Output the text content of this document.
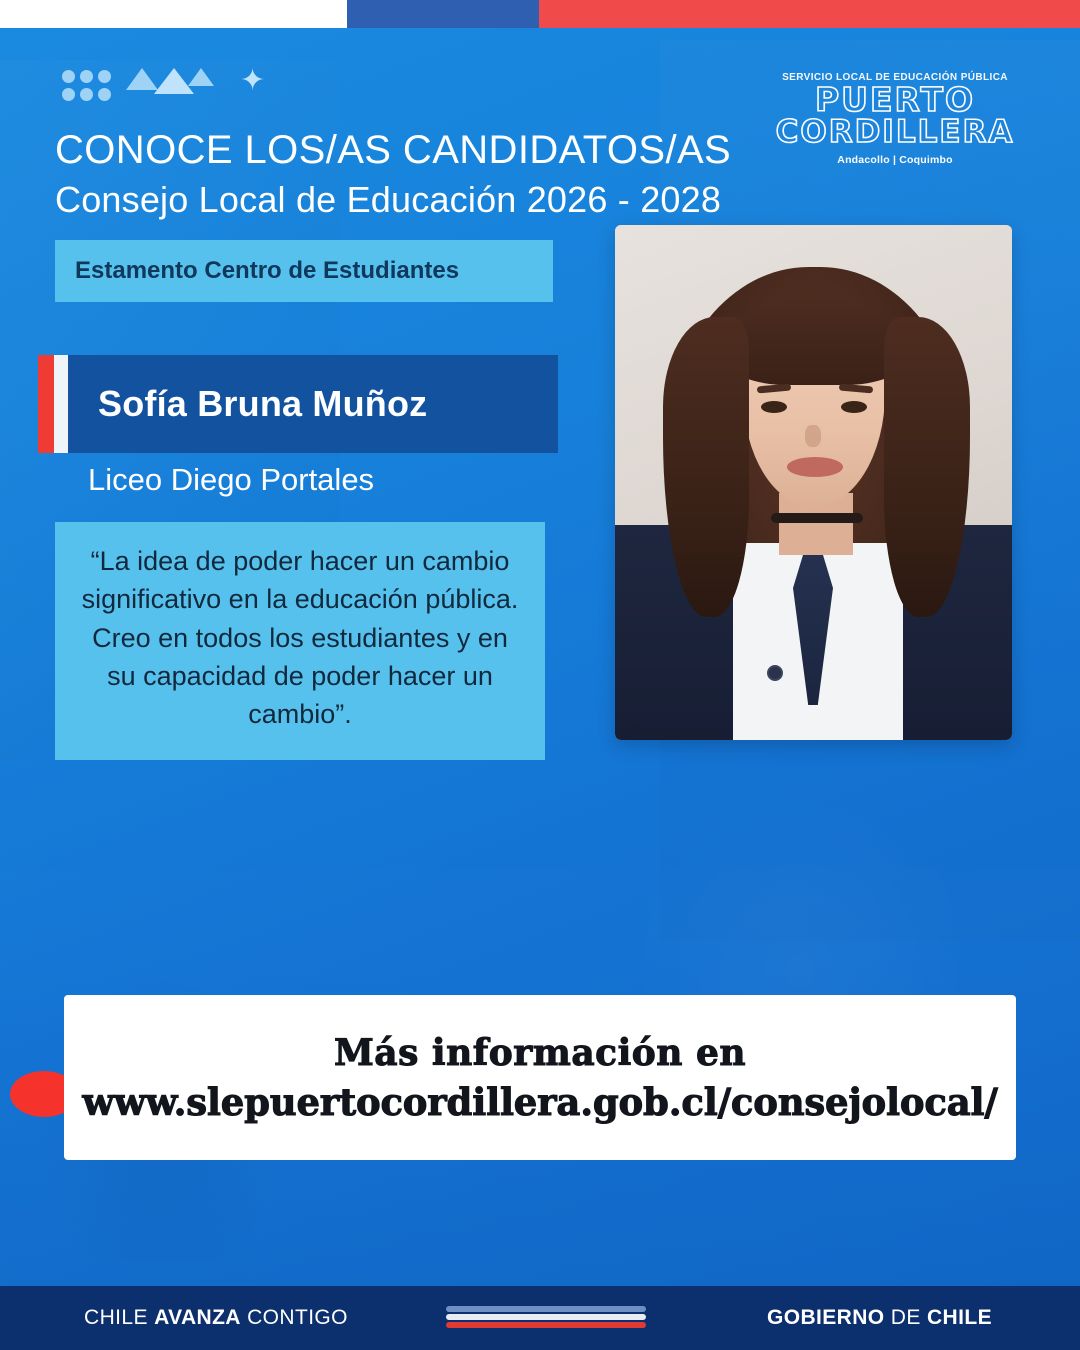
✦	SERVICIO LOCAL DE EDUCACIÓN PÚBLICA
PUERTO
CORDILLERA
Andacollo | Coquimbo
CONOCE LOS/AS CANDIDATOS/AS
Consejo Local de Educación 2026 - 2028
Estamento Centro de Estudiantes
Sofía Bruna Muñoz
Liceo Diego Portales
“La idea de poder hacer un cambio significativo en la educación pública. Creo en todos los estudiantes y en su capacidad de poder hacer un cambio”.
Más información en
www.slepuertocordillera.gob.cl/consejolocal/
CHILE AVANZA CONTIGO	GOBIERNO DE CHILE
